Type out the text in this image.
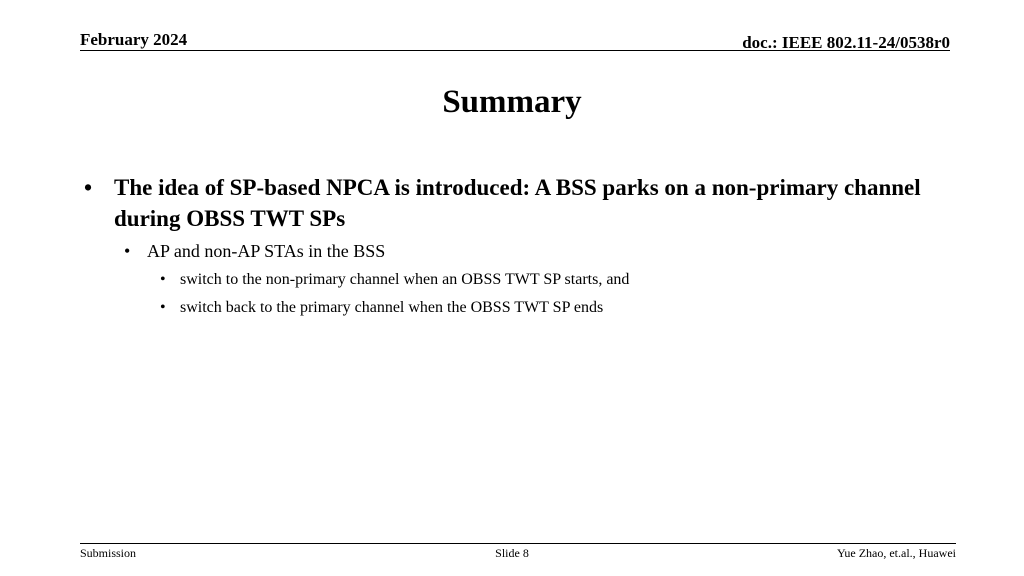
February 2024	doc.: IEEE 802.11-24/0538r0
Summary
• The idea of SP-based NPCA is introduced: A BSS parks on a non-primary channel during OBSS TWT SPs
• AP and non-AP STAs in the BSS
• switch to the non-primary channel when an OBSS TWT SP starts, and
• switch back to the primary channel when the OBSS TWT SP ends
Submission	Slide 8	Yue Zhao, et.al., Huawei
